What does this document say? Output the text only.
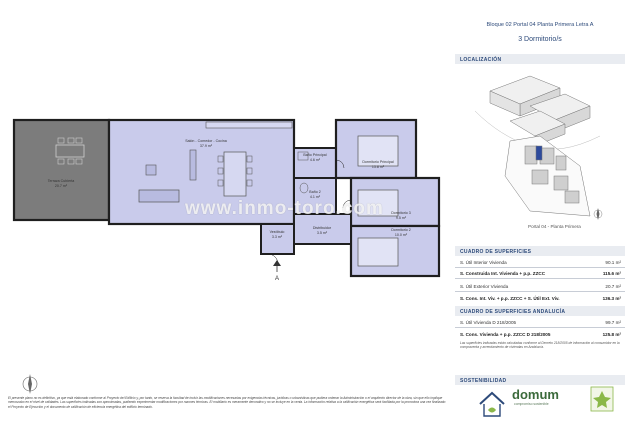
Terraza Cubierta
20.7 m²
Salón - Comedor - Cocina
37.9 m²
Baño Principal
4.6 m²	Dormitorio Principal
13.8 m²
Baño 2
4.1 m²
Vestíbulo
3.3 m²
Distribuidor
3.5 m²
Dormitorio 2
10.0 m²
Dormitorio 3
9.5 m²
A
www.inmo-toro.com
El presente plano no es definitivo, ya que está elaborado conforme al Proyecto del Edificio y, por tanto, se reserva la facultad de incluir las modificaciones necesarias por exigencias técnicas, jurídicas o urbanísticas que pudiera ordenar la Administración o el arquitecto director de la obra, sin que ello implique menoscabo en el nivel de calidades. Las superficies indicadas son aproximadas, pudiendo experimentar modificaciones por razones técnicas. El mobiliario es meramente decorativo y no se incluye en la venta. La información relativa a la calificación energética será facilitada por la promotora una vez finalizado el Proyecto de Ejecución y el documento de calificación de eficiencia energética del edificio terminado.
Bloque 02 Portal 04 Planta Primera Letra A
3 Dormitorio/s
LOCALIZACIÓN
Portal 04 - Planta Primera
CUADRO DE SUPERFICIES
S. Útil Interior Vivienda	90.1 m²
S. Construida Int. Vivienda + p.p. ZZCC	115.6 m²
S. Útil Exterior Vivienda	20.7 m²
S. Cons. Int. Viv. + p.p. ZZCC + S. Útil Ext. Viv.	136.3 m²
CUADRO DE SUPERFICIES ANDALUCÍA
S. Útil Vivienda D 218/2005	99.7 m²
S. Cons. Vivienda + p.p. ZZCC D 218/2005	125.8 m²
Las superficies indicadas están calculadas conforme al Decreto 218/2005 de información al consumidor en la compraventa y arrendamiento de viviendas en Andalucía.
SOSTENIBILIDAD
domum
compromiso sostenible
